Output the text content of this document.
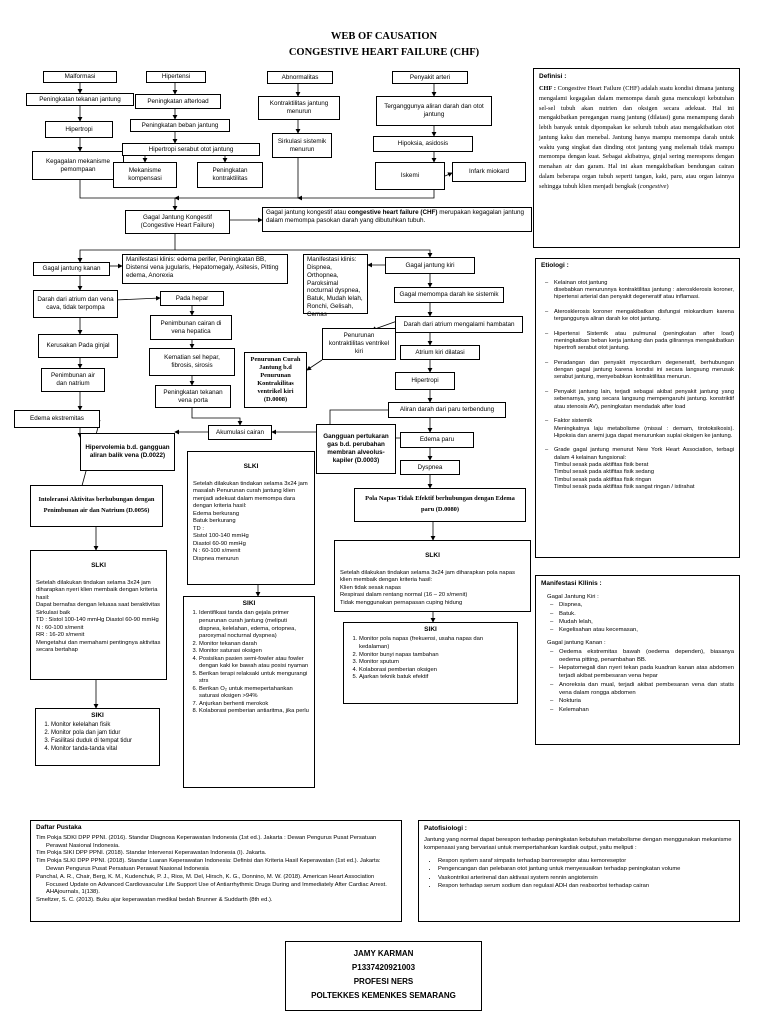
WEB OF CAUSATION
CONGESTIVE HEART FAILURE (CHF)
Malformasi	Hipertensi	Abnormalitas	Penyakit arteri
Peningkatan tekanan jantung
Hipertropi
Kegagalan mekanisme pemompaan
Peningkatan afterload
Peningkatan beban jantung
Hipertropi serabut otot jantung
Mekanisme kompensasi
Peningkatan kontraktilitas
Kontraktilitas jantung menurun
Sirkulasi sistemik menurun
Terganggunya aliran darah dan otot jantung
Hipoksia, asidosis
Iskemi
Infark miokard
Gagal Jantung Kongestif (Congestive Heart Failure)
Gagal jantung kongestif atau congestive heart failure (CHF) merupakan kegagalan jantung dalam memompa pasokan darah yang dibutuhkan tubuh.
Gagal jantung kanan
Manifestasi klinis: edema perifer, Peningkatan BB, Distensi vena jugularis, Hepatomegaly, Asitesis, Pitting edema, Anorexia
Manifestasi klinis: Dispnea, Orthopnea, Paroksimal nocturnal dyspnea, Batuk, Mudah lelah, Ronchi, Gelisah, Cemas
Gagal jantung kiri
Darah dari atrium dan vena cava, tidak terpompa
Pada hepar
Penimbunan cairan di vena hepatica
Kerusakan Pada ginjal
Kematian sel hepar, fibrosis, sirosis
Penimbunan air dan natrium
Peningkatan tekanan vena porta
Edema ekstremitas
Hipervolemia b.d. gangguan aliran balik vena (D.0022)
Akumulasi cairan
Penurunan Curah Jantung b.d Penurunan Kontrakilitas ventrikel kiri (D.0008)
Penurunan kontraktilitas ventrikel kiri
Gagal memompa darah ke sistemik
Darah dari atrium mengalami hambatan
Atrium kiri dilatasi
Hipertropi
Aliran darah dari paru terbendung
Gangguan pertukaran gas b.d. perubahan membran alveolus-kapiler (D.0003)
Edema paru
Dyspnea
Intoleransi Aktivitas berhubungan dengan Penimbunan air dan Natrium (D.0056)
Pola Napas Tidak Efektif berhubungan dengan Edema paru (D.0080)

SLKI

Setelah dilakukan tindakan selama 3x24 jam diharapkan nyeri klien membaik dengan kriteria hasil:
Dapat bernafas dengan leluasa saat beraktivitas
Sirkulasi baik
TD : Sistol 100-140 mmHg Diastol 60-90 mmHg
N : 60-100 x/menit
RR : 16-20 x/menit
Mengetahui dan memahami pentingnya aktivitas secara bertahap

SIKI
1. Monitor kelelahan fisik
2. Monitor pola dan jam tidur
3. Fasilitasi duduk di tempat tidur
4. Monitor tanda-tanda vital

SLKI

Setelah dilakukan tindakan selama 3x24 jam masalah Penurunan curah jantung klien menjadi adekuat dalam memompa dara dengan kriteria hasil:
Edema berkurang
Batuk berkurang
TD :
Sistol 100-140 mmHg
Diastol 60-90 mmHg
N : 60-100 x/menit
Dispnea menurun

SIKI
1. Identifikasi tanda dan gejala primer penurunan curah jantung (meliputi dispnea, kelelahan, edema, ortopnea, paroxymal nocturnal dyspnea)
2. Monitor tekanan darah
3. Monitor saturasi oksigen
4. Posisikan pasien semi-fowler atau fowler dengan kaki ke bawah atau posisi nyaman
5. Berikan terapi relaksaki untuk mengurangi strs
6. Berikan O₂ untuk memepertahankan saturasi oksigen >94%
7. Anjurkan berhenti merokok
8. Kolaborasi pemberian antiaritma, jika perlu

SLKI

Setelah dilakukan tindakan selama 3x24 jam diharapkan pola napas klien membaik dengan kriteria hasil:
Klien tidak sesak napas
Respirasi dalam rentang normal (16 – 20 x/menit)
Tidak menggunakan pernapasan cuping hidung

SIKI
1. Monitor pola napas (frekuensi, usaha napas dan kedalaman)
2. Monitor bunyi napas tambahan
3. Monitor sputum
4. Kolaborasi pemberian oksigen
5. Ajarkan teknik batuk efektif
Definisi :
CHF : Congestive Heart Failure (CHF) adalah suatu kondisi dimana jantung mengalami kegagalan dalam memompa darah guna mencukupi kebutuhan sel-sel tubuh akan nutrien dan oksigen secara adekuat. Hal ini mengakibatkan peregangan ruang jantung (dilatasi) guna menampung darah lebih banyak untuk dipompakan ke seluruh tubuh atau mengakibatkan otot jantung kaku dan menebal. Jantung hanya mampu memompa darah untuk waktu yang singkat dan dinding otot jantung yang melemah tidak mampu memompa dengan kuat. Sebagai akibatnya, ginjal sering merespons dengan menahan air dan garam. Hal ini akan mengakibatkan bendungan cairan dalam beberapa organ tubuh seperti tangan, kaki, paru, atau organ lainnya sehingga tubuh klien menjadi bengkak (congestive)
Etiologi :

– Kelainan otot jantung
disebabkan menurunnya kontraktilitas jantung : aterosklerosis koroner, hipertensi arterial dan penyakit degeneratif atau inflamasi.

– Aterosklerosis koroner mengakibatkan disfungsi miokardium karena terganggunya aliran darah ke otot jantung.

– Hipertensi Sistemik atau pulmunal (peningkatan after load) meningkatkan beban kerja jantung dan pada gilirannya mengakibatkan hipertrofi serabut otot jantung.

– Peradangan dan penyakit myocardium degeneratif, berhubungan dengan gagal jantung karena kondisi ini secara langsung merusak serabut jantung, menyebabkan kontraktilitas menurun.

– Penyakit jantung lain, terjadi sebagai akibat penyakit jantung yang sebenarnya, yang secara langsung mempengaruhi jantung. konstriktif atau stenosis AV), peningkatan mendadak after load

– Faktor sistemik
Meningkatnya laju metabolisme (missal : demam, tirotoksikosis). Hipoksia dan anemi juga dapat menurunkan suplai oksigen ke jantung.

– Grade gagal jantung menurut New York Heart Association, terbagi dalam 4 kelainan fungsional:
Timbul sesak pada aktifitas fisik berat
Timbul sesak pada aktifitas fisik sedang
Timbul sesak pada aktifitas fisik ringan
Timbul sesak pada aktifitas fisik sangat ringan / istirahat

Manifestasi Kllinis :
Gagal Jantung Kiri :
– Dispnea,
– Batuk.
– Mudah lelah,
– Kegelisahan atau kecemasan,
Gagal jantung Kanan :
– Oedema ekstremitas bawah (oedema dependen), biasanya oedema pitting, penambahan BB.
– Hepatomegali dan nyeri tekan pada kuadran kanan atas abdomen terjadi akibat pembesaran vena hepar
– Anoreksia dan mual, terjadi akibat pembesaran vena dan statis vena dalam rongga abdomen
– Nokturia
– Kelemahan
Daftar Pustaka
Tim Pokja SDKI DPP PPNI. (2016). Standar Diagnosa Keperawatan Indonesia (1st ed.). Jakarta : Dewan Pengurus Pusat Persatuan Perawat Nasional Indonesia.
Tim Pokja SIKI DPP PPNI. (2018). Standar Intervensi Keperawatan Indonesia (I). Jakarta.
Tim Pokja SLKI DPP PPNI. (2018). Standar Luaran Keperawatan Indonesia: Definisi dan Kriteria Hasil Keperawatan (1st ed.). Jakarta: Dewan Pengurus Pusat Persatuan Perawat Nasional Indonesia
Panchal, A. R., Chair, Berg, K. M., Kudenchuk, P. J., Rios, M. Del, Hirsch, K. G., Donnino, M. W. (2018). American Heart Association Focused Update on Advanced Cardiovascular Life Support Use of Antiarrhythmic Drugs During and Immediately After Cardiac Arrest. AHAjournals, 1(138).
Smeltzer, S. C. (2013). Buku ajar keperawatan medikal bedah Brunner & Suddarth (8th ed.).
Patofisiologi :
Jantung yang normal dapat berespon terhadap peningkatan kebutuhan metabolisme dengan menggunakan mekanisme kompensasi yang bervariasi untuk mempertahankan kardiak output, yaitu meliputi :
• Respon system saraf simpatis terhadap barroreseptor atau kemoreseptor
• Pengencangan dan pelebaran otot jantung untuk menyesuaikan terhadap peningkatan volume
• Vaskontriksi arterirenal dan aktivasi system rennin angiotensin
• Respon terhadap serum sodium dan regulasi ADH dan reabsorbsi terhadap cairan
JAMY KARMAN
P1337420921003
PROFESI NERS
POLTEKKES KEMENKES SEMARANG
